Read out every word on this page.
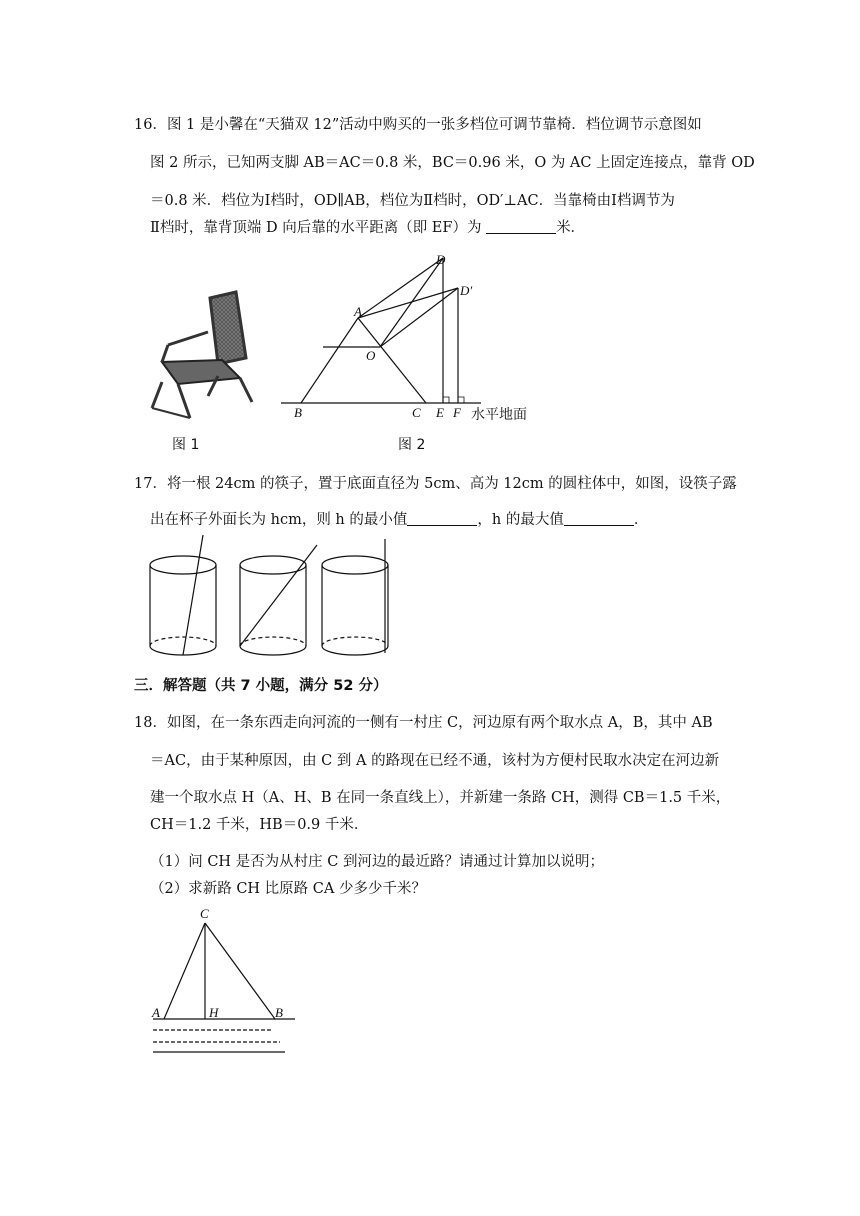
16．图 1 是小馨在“天猫双 12”活动中购买的一张多档位可调节靠椅．档位调节示意图如
图 2 所示，已知两支脚 AB＝AC＝0.8 米，BC＝0.96 米，O 为 AC 上固定连接点，靠背 OD
＝0.8 米．档位为Ⅰ档时，OD∥AB，档位为Ⅱ档时，OD′⊥AC．当靠椅由Ⅰ档调节为
Ⅱ档时，靠背顶端 D 向后靠的水平距离（即 EF）为	米．
图 1
D
D′
A
O
B	C E F 水平地面
图 2
17．将一根 24cm 的筷子，置于底面直径为 5cm、高为 12cm 的圆柱体中，如图，设筷子露
出在杯子外面长为 hcm，则 h 的最小值	，h 的最大值	．
三．解答题（共 7 小题，满分 52 分）
18．如图，在一条东西走向河流的一侧有一村庄 C，河边原有两个取水点 A，B，其中 AB
＝AC，由于某种原因，由 C 到 A 的路现在已经不通，该村为方便村民取水决定在河边新
建一个取水点 H（A、H、B 在同一条直线上），并新建一条路 CH，测得 CB＝1.5 千米，
CH＝1.2 千米，HB＝0.9 千米．
（1）问 CH 是否为从村庄 C 到河边的最近路？请通过计算加以说明；
（2）求新路 CH 比原路 CA 少多少千米？
C
A	H	B
